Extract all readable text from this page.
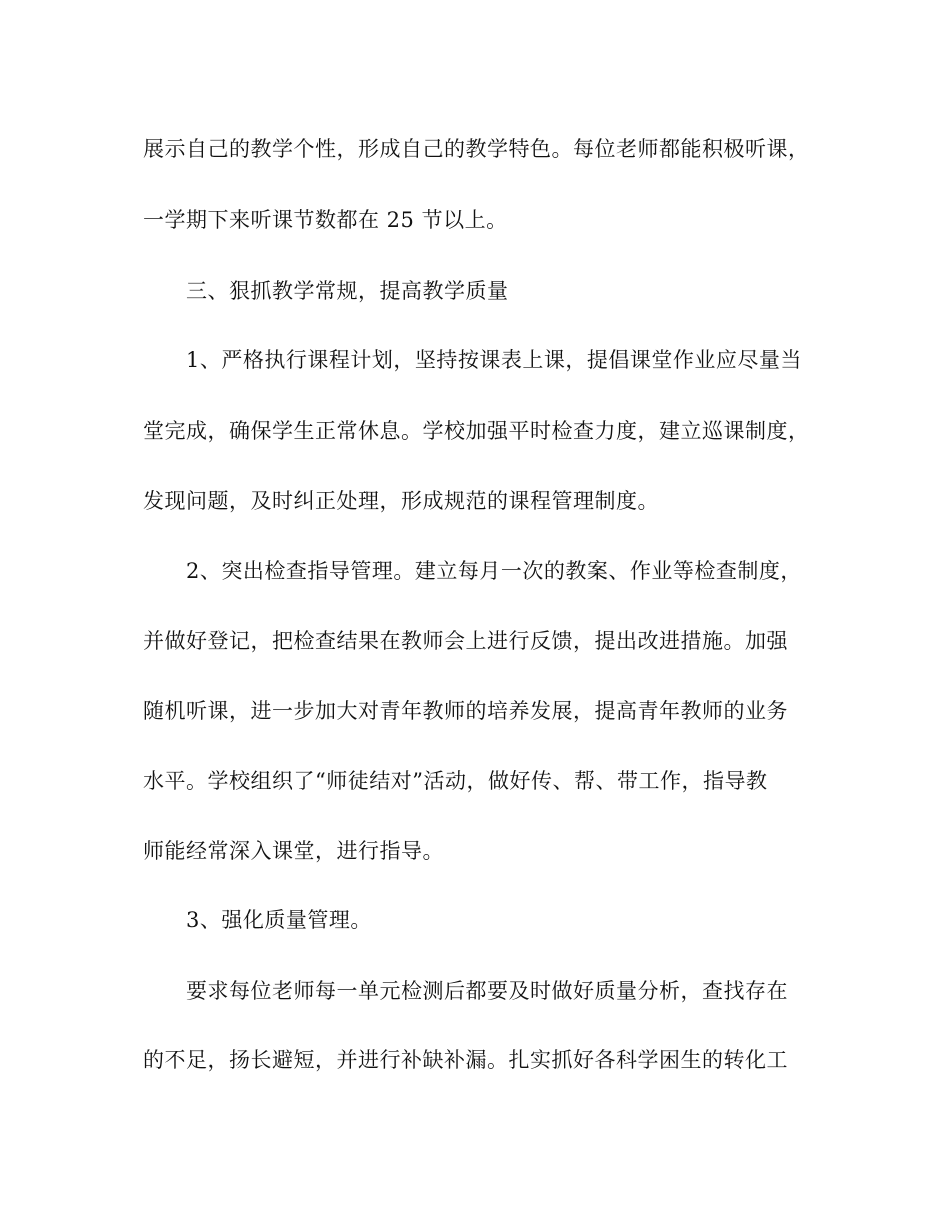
展示自己的教学个性，形成自己的教学特色。每位老师都能积极听课，
一学期下来听课节数都在 25 节以上。
三、狠抓教学常规，提高教学质量
1、严格执行课程计划，坚持按课表上课，提倡课堂作业应尽量当
堂完成，确保学生正常休息。学校加强平时检查力度，建立巡课制度，
发现问题，及时纠正处理，形成规范的课程管理制度。
2、突出检查指导管理。建立每月一次的教案、作业等检查制度，
并做好登记，把检查结果在教师会上进行反馈，提出改进措施。加强
随机听课，进一步加大对青年教师的培养发展，提高青年教师的业务
水平。学校组织了“师徒结对”活动，做好传、帮、带工作，指导教
师能经常深入课堂，进行指导。
3、强化质量管理。
要求每位老师每一单元检测后都要及时做好质量分析，查找存在
的不足，扬长避短，并进行补缺补漏。扎实抓好各科学困生的转化工
